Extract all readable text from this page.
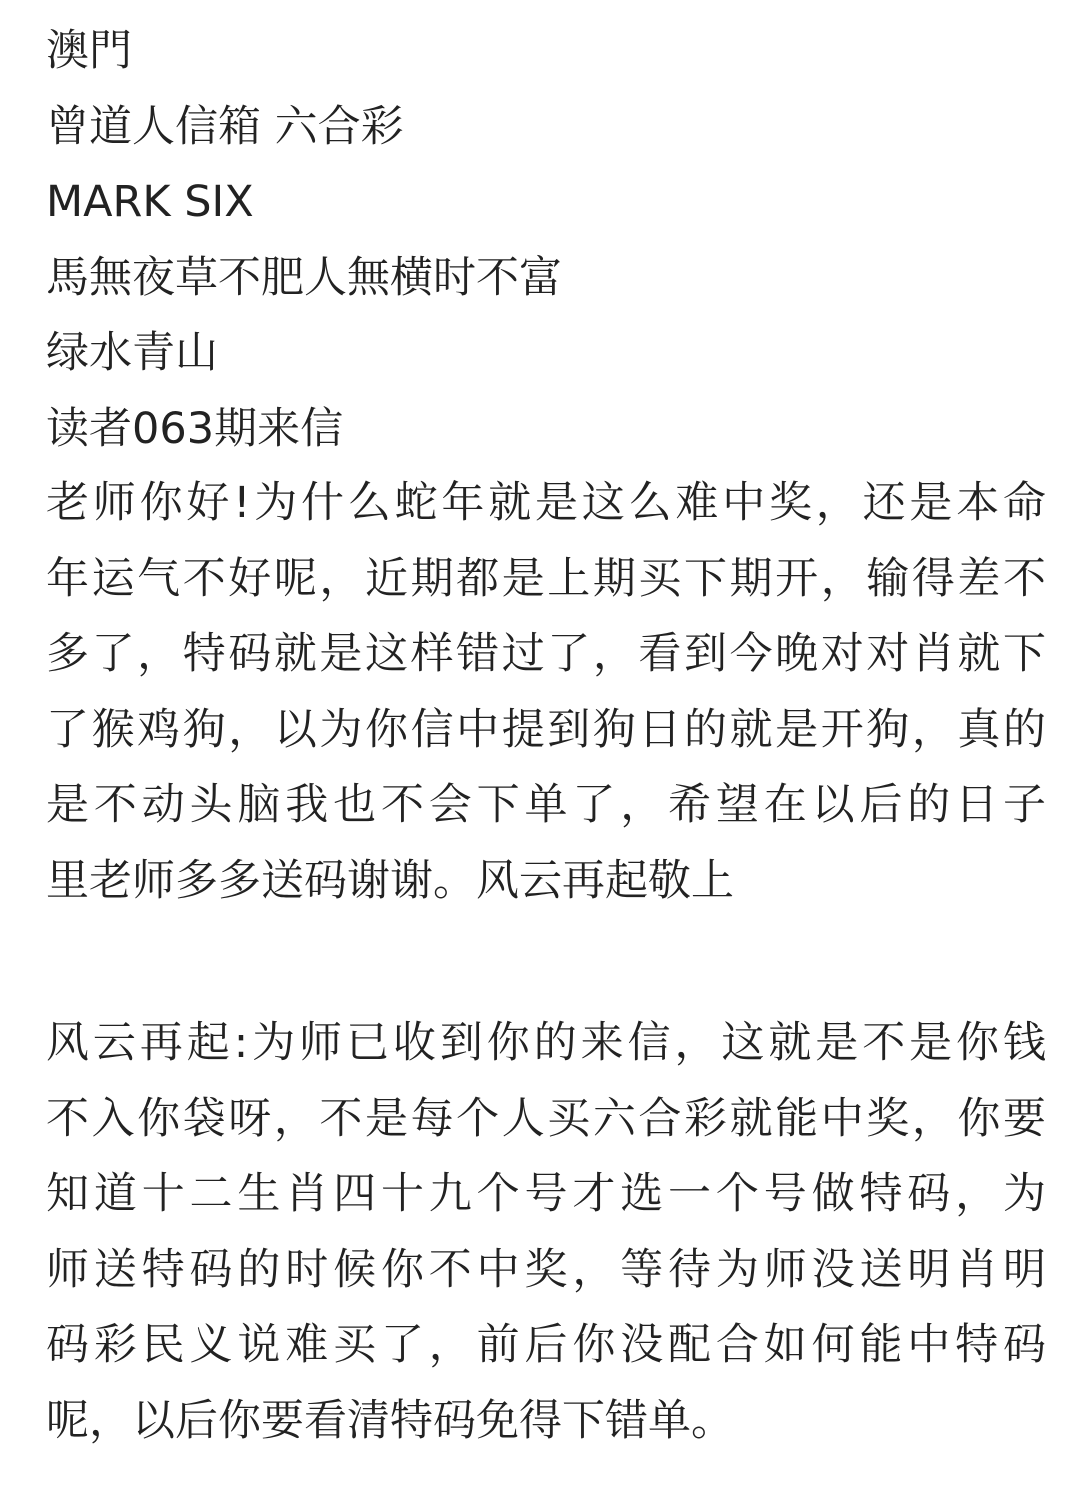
澳門
曾道人信箱 六合彩
MARK SIX
馬無夜草不肥人無横时不富
绿水青山
读者063期来信
老师你好!为什么蛇年就是这么难中奖，还是本命
年运气不好呢，近期都是上期买下期开，输得差不
多了，特码就是这样错过了，看到今晚对对肖就下
了猴鸡狗，以为你信中提到狗日的就是开狗，真的
是不动头脑我也不会下单了，希望在以后的日子
里老师多多送码谢谢。风云再起敬上
风云再起:为师已收到你的来信，这就是不是你钱
不入你袋呀，不是每个人买六合彩就能中奖，你要
知道十二生肖四十九个号才选一个号做特码，为
师送特码的时候你不中奖，等待为师没送明肖明
码彩民义说难买了，前后你没配合如何能中特码
呢，以后你要看清特码免得下错单。
